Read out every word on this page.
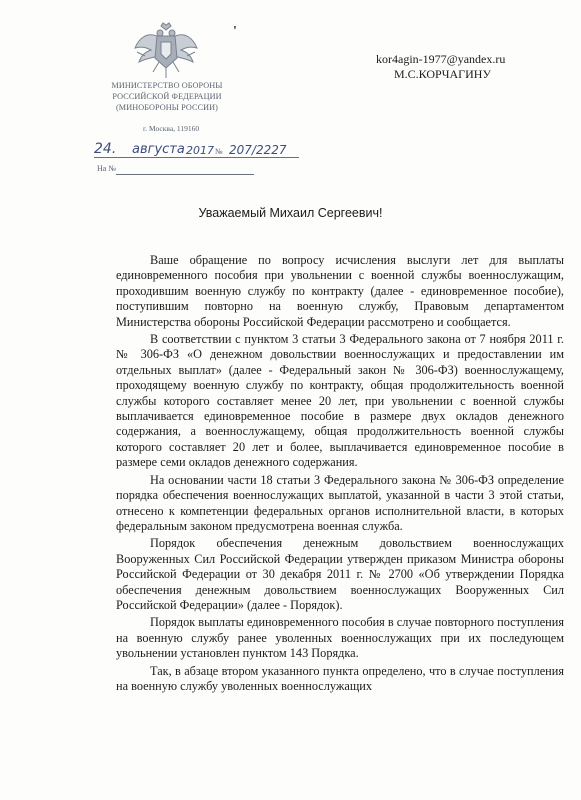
'
МИНИСТЕРСТВО ОБОРОНЫ
РОССИЙСКОЙ ФЕДЕРАЦИИ
(МИНОБОРОНЫ РОССИИ)
г. Москва, 119160
24. августа 2017 № 207/2227
На №
kor4agin-1977@yandex.ru
М.С.КОРЧАГИНУ
Уважаемый Михаил Сергеевич!

Ваше обращение по вопросу исчисления выслуги лет для выплаты единовременного пособия при увольнении с военной службы военнослужащим, проходившим военную службу по контракту (далее - единовременное пособие), поступившим повторно на военную службу, Правовым департаментом Министерства обороны Российской Федерации рассмотрено и сообщается.

В соответствии с пунктом 3 статьи 3 Федерального закона от 7 ноября 2011 г. № 306-ФЗ «О денежном довольствии военнослужащих и предоставлении им отдельных выплат» (далее - Федеральный закон № 306-ФЗ) военнослужащему, проходящему военную службу по контракту, общая продолжительность военной службы которого составляет менее 20 лет, при увольнении с военной службы выплачивается единовременное пособие в размере двух окладов денежного содержания, а военнослужащему, общая продолжительность военной службы которого составляет 20 лет и более, выплачивается единовременное пособие в размере семи окладов денежного содержания.

На основании части 18 статьи 3 Федерального закона № 306-ФЗ определение порядка обеспечения военнослужащих выплатой, указанной в части 3 этой статьи, отнесено к компетенции федеральных органов исполнительной власти, в которых федеральным законом предусмотрена военная служба.

Порядок обеспечения денежным довольствием военнослужащих Вооруженных Сил Российской Федерации утвержден приказом Министра обороны Российской Федерации от 30 декабря 2011 г. № 2700 «Об утверждении Порядка обеспечения денежным довольствием военнослужащих Вооруженных Сил Российской Федерации» (далее - Порядок).

Порядок выплаты единовременного пособия в случае повторного поступления на военную службу ранее уволенных военнослужащих при их последующем увольнении установлен пунктом 143 Порядка.

Так, в абзаце втором указанного пункта определено, что в случае поступления на военную службу уволенных военнослужащих
